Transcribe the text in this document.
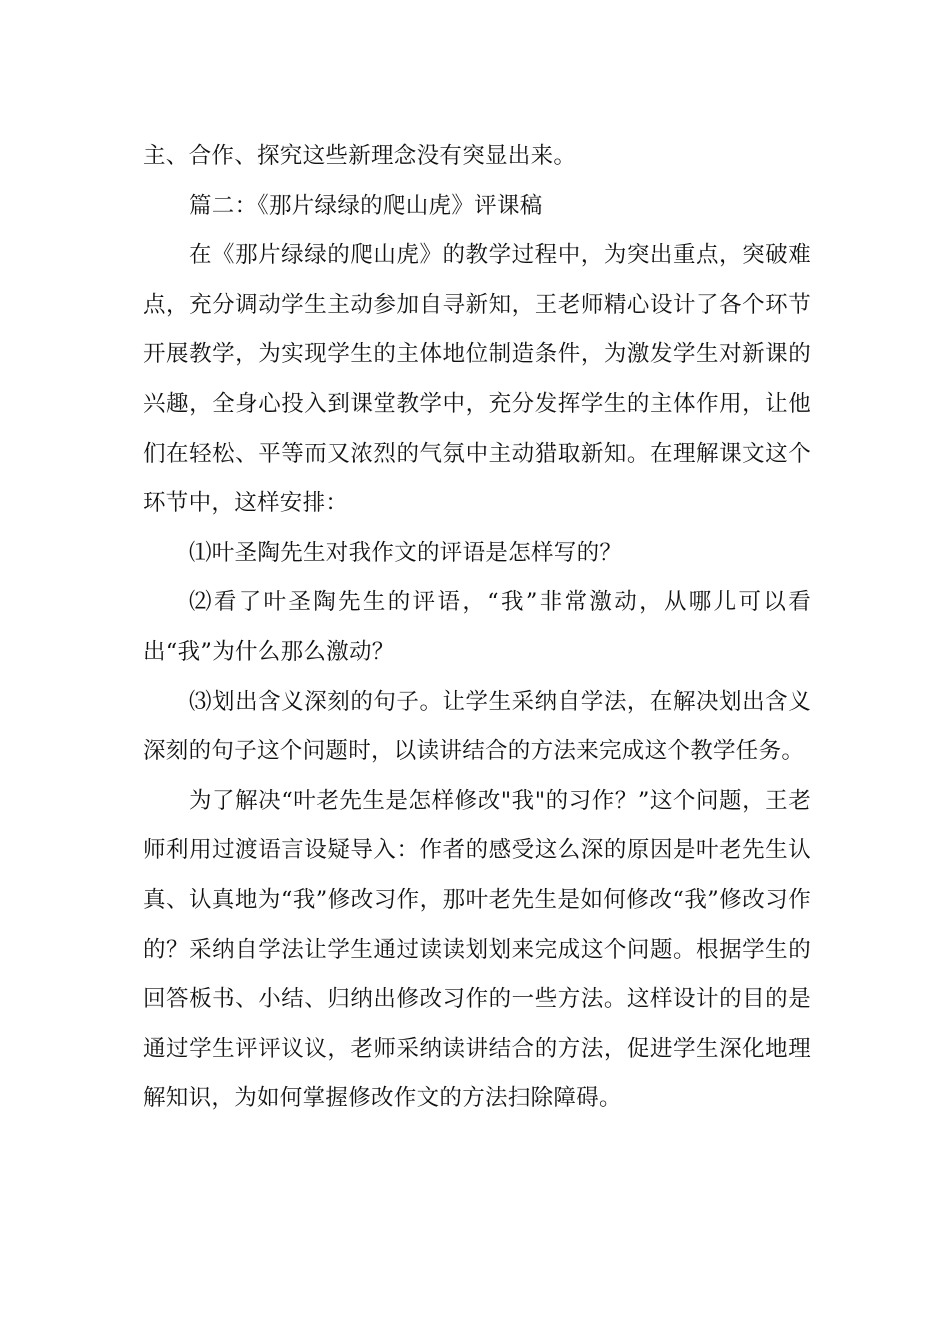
主、合作、探究这些新理念没有突显出来。

篇二：《那片绿绿的爬山虎》评课稿

在《那片绿绿的爬山虎》的教学过程中，为突出重点，突破难点，充分调动学生主动参加自寻新知，王老师精心设计了各个环节开展教学，为实现学生的主体地位制造条件，为激发学生对新课的兴趣，全身心投入到课堂教学中，充分发挥学生的主体作用，让他们在轻松、平等而又浓烈的气氛中主动猎取新知。在理解课文这个环节中，这样安排：

⑴叶圣陶先生对我作文的评语是怎样写的？

⑵看了叶圣陶先生的评语，“我”非常激动，从哪儿可以看出“我”为什么那么激动？

⑶划出含义深刻的句子。让学生采纳自学法，在解决划出含义深刻的句子这个问题时，以读讲结合的方法来完成这个教学任务。

为了解决“叶老先生是怎样修改"我"的习作？”这个问题，王老师利用过渡语言设疑导入：作者的感受这么深的原因是叶老先生认真、认真地为“我”修改习作，那叶老先生是如何修改“我”修改习作的？采纳自学法让学生通过读读划划来完成这个问题。根据学生的回答板书、小结、归纳出修改习作的一些方法。这样设计的目的是通过学生评评议议，老师采纳读讲结合的方法，促进学生深化地理解知识，为如何掌握修改作文的方法扫除障碍。
